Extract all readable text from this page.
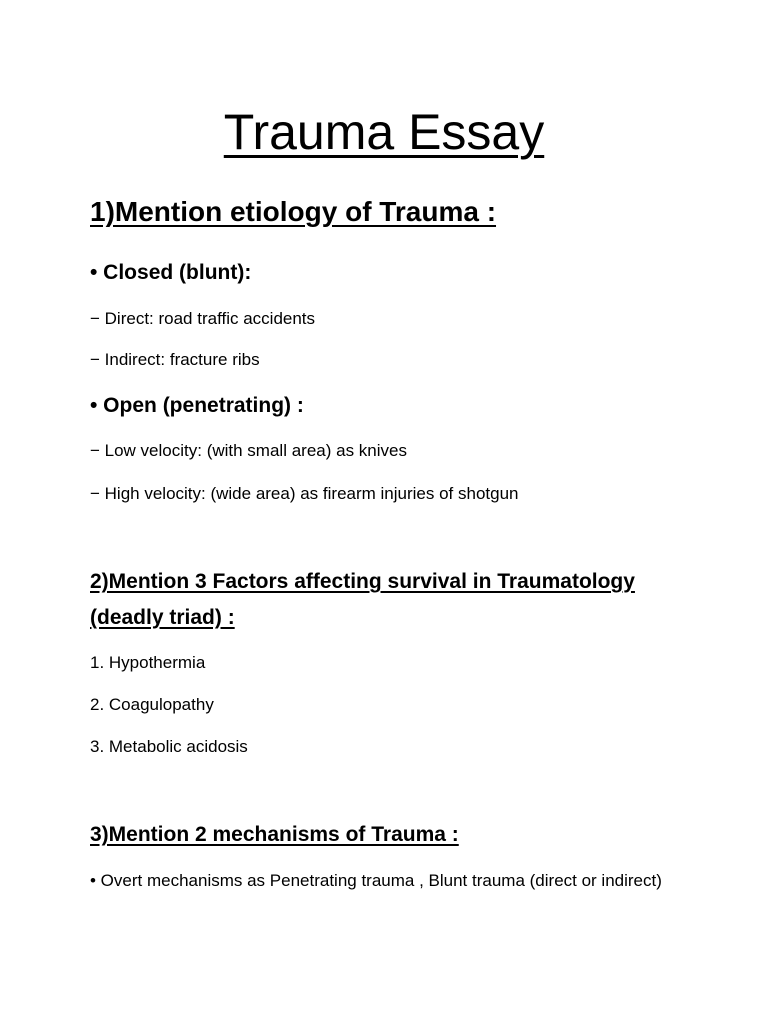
Trauma Essay
1)Mention etiology of Trauma :
• Closed (blunt):
− Direct: road traffic accidents
− Indirect: fracture ribs
• Open (penetrating) :
− Low velocity: (with small area) as knives
− High velocity: (wide area) as firearm injuries of shotgun
2)Mention 3 Factors affecting survival in Traumatology (deadly triad) :
1. Hypothermia
2. Coagulopathy
3. Metabolic acidosis
3)Mention 2 mechanisms of Trauma :
• Overt mechanisms as Penetrating trauma , Blunt trauma (direct or indirect)
